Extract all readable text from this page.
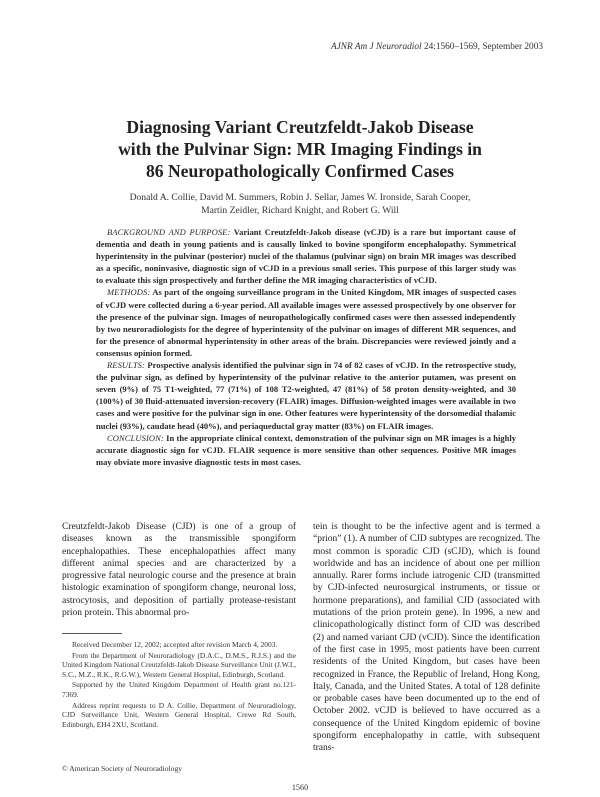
AJNR Am J Neuroradiol 24:1560–1569, September 2003
Diagnosing Variant Creutzfeldt-Jakob Disease
with the Pulvinar Sign: MR Imaging Findings in
86 Neuropathologically Confirmed Cases
Donald A. Collie, David M. Summers, Robin J. Sellar, James W. Ironside, Sarah Cooper,
Martin Zeidler, Richard Knight, and Robert G. Will

BACKGROUND AND PURPOSE: Variant Creutzfeldt-Jakob disease (vCJD) is a rare but important cause of dementia and death in young patients and is causally linked to bovine spongiform encephalopathy. Symmetrical hyperintensity in the pulvinar (posterior) nuclei of the thalamus (pulvinar sign) on brain MR images was described as a specific, noninvasive, diagnostic sign of vCJD in a previous small series. This purpose of this larger study was to evaluate this sign prospectively and further define the MR imaging characteristics of vCJD.

METHODS: As part of the ongoing surveillance program in the United Kingdom, MR images of suspected cases of vCJD were collected during a 6-year period. All available images were assessed prospectively by one observer for the presence of the pulvinar sign. Images of neuropathologically confirmed cases were then assessed independently by two neuroradiologists for the degree of hyperintensity of the pulvinar on images of different MR sequences, and for the presence of abnormal hyperintensity in other areas of the brain. Discrepancies were reviewed jointly and a consensus opinion formed.

RESULTS: Prospective analysis identified the pulvinar sign in 74 of 82 cases of vCJD. In the retrospective study, the pulvinar sign, as defined by hyperintensity of the pulvinar relative to the anterior putamen, was present on seven (9%) of 75 T1-weighted, 77 (71%) of 108 T2-weighted, 47 (81%) of 58 proton density-weighted, and 30 (100%) of 30 fluid-attenuated inversion-recovery (FLAIR) images. Diffusion-weighted images were available in two cases and were positive for the pulvinar sign in one. Other features were hyperintensity of the dorsomedial thalamic nuclei (93%), caudate head (40%), and periaqueductal gray matter (83%) on FLAIR images.

CONCLUSION: In the appropriate clinical context, demonstration of the pulvinar sign on MR images is a highly accurate diagnostic sign for vCJD. FLAIR sequence is more sensitive than other sequences. Positive MR images may obviate more invasive diagnostic tests in most cases.

Creutzfeldt-Jakob Disease (CJD) is one of a group of diseases known as the transmissible spongiform encephalopathies. These encephalopathies affect many different animal species and are characterized by a progressive fatal neurologic course and the presence at brain histologic examination of spongiform change, neuronal loss, astrocytosis, and deposition of partially protease-resistant prion protein. This abnormal pro-

tein is thought to be the infective agent and is termed a “prion” (1). A number of CJD subtypes are recognized. The most common is sporadic CJD (sCJD), which is found worldwide and has an incidence of about one per million annually. Rarer forms include iatrogenic CJD (transmitted by CJD-infected neurosurgical instruments, or tissue or hormone preparations), and familial CJD (associated with mutations of the prion protein gene). In 1996, a new and clinicopathologically distinct form of CJD was described (2) and named variant CJD (vCJD). Since the identification of the first case in 1995, most patients have been current residents of the United Kingdom, but cases have been recognized in France, the Republic of Ireland, Hong Kong, Italy, Canada, and the United States. A total of 128 definite or probable cases have been documented up to the end of October 2002. vCJD is believed to have occurred as a consequence of the United Kingdom epidemic of bovine spongiform encephalopathy in cattle, with subsequent trans-

Received December 12, 2002; accepted after revision March 4, 2003.

From the Department of Neuroradiology (D.A.C., D.M.S., R.J.S.) and the United Kingdom National Creutzfeldt-Jakob Disease Surveillance Unit (J.W.I., S.C., M.Z., R.K., R.G.W.), Western General Hospital, Edinburgh, Scotland.

Supported by the United Kingdom Department of Health grant no.121-7369.

Address reprint requests to D A. Collie, Department of Neuroradiology, CJD Surveillance Unit, Western General Hospital, Crewe Rd South, Edinburgh, EH4 2XU, Scotland.

© American Society of Neuroradiology
1560
